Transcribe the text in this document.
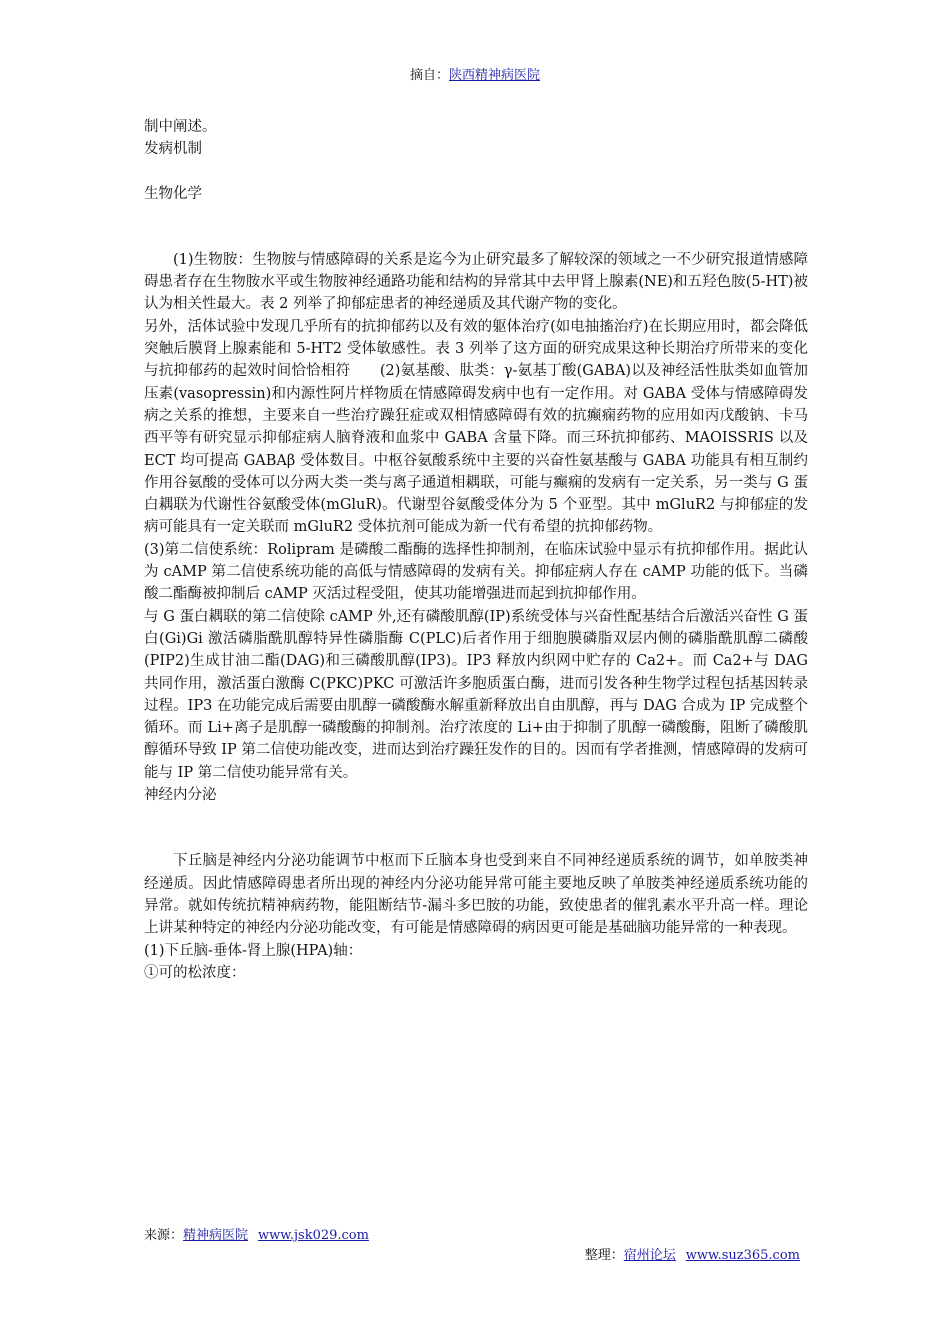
摘自：陕西精神病医院

制中阐述。

发病机制

生物化学

(1)生物胺：生物胺与情感障碍的关系是迄今为止研究最多了解较深的领域之一不少研究报道情感障碍患者存在生物胺水平或生物胺神经通路功能和结构的异常其中去甲肾上腺素(NE)和五羟色胺(5-HT)被认为相关性最大。表 2 列举了抑郁症患者的神经递质及其代谢产物的变化。

另外，活体试验中发现几乎所有的抗抑郁药以及有效的躯体治疗(如电抽搐治疗)在长期应用时，都会降低突触后膜肾上腺素能和 5-HT2 受体敏感性。表 3 列举了这方面的研究成果这种长期治疗所带来的变化与抗抑郁药的起效时间恰恰相符　　(2)氨基酸、肽类：γ-氨基丁酸(GABA)以及神经活性肽类如血管加压素(vasopressin)和内源性阿片样物质在情感障碍发病中也有一定作用。对 GABA 受体与情感障碍发病之关系的推想，主要来自一些治疗躁狂症或双相情感障碍有效的抗癫痫药物的应用如丙戊酸钠、卡马西平等有研究显示抑郁症病人脑脊液和血浆中 GABA 含量下降。而三环抗抑郁药、MAOISSRIS 以及 ECT 均可提高 GABAβ 受体数目。中枢谷氨酸系统中主要的兴奋性氨基酸与 GABA 功能具有相互制约作用谷氨酸的受体可以分两大类一类与离子通道相耦联，可能与癫痫的发病有一定关系，另一类与 G 蛋白耦联为代谢性谷氨酸受体(mGluR)。代谢型谷氨酸受体分为 5 个亚型。其中 mGluR2 与抑郁症的发病可能具有一定关联而 mGluR2 受体抗剂可能成为新一代有希望的抗抑郁药物。

(3)第二信使系统：Rolipram 是磷酸二酯酶的选择性抑制剂，在临床试验中显示有抗抑郁作用。据此认为 cAMP 第二信使系统功能的高低与情感障碍的发病有关。抑郁症病人存在 cAMP 功能的低下。当磷酸二酯酶被抑制后 cAMP 灭活过程受阻，使其功能增强进而起到抗抑郁作用。

与 G 蛋白耦联的第二信使除 cAMP 外,还有磷酸肌醇(IP)系统受体与兴奋性配基结合后激活兴奋性 G 蛋白(Gi)Gi 激活磷脂酰肌醇特异性磷脂酶 C(PLC)后者作用于细胞膜磷脂双层内侧的磷脂酰肌醇二磷酸(PIP2)生成甘油二酯(DAG)和三磷酸肌醇(IP3)。IP3 释放内织网中贮存的 Ca2+。而 Ca2+与 DAG 共同作用，激活蛋白激酶 C(PKC)PKC 可激活许多胞质蛋白酶，进而引发各种生物学过程包括基因转录过程。IP3 在功能完成后需要由肌醇一磷酸酶水解重新释放出自由肌醇，再与 DAG 合成为 IP 完成整个循环。而 Li+离子是肌醇一磷酸酶的抑制剂。治疗浓度的 Li+由于抑制了肌醇一磷酸酶，阻断了磷酸肌醇循环导致 IP 第二信使功能改变，进而达到治疗躁狂发作的目的。因而有学者推测，情感障碍的发病可能与 IP 第二信使功能异常有关。

神经内分泌

下丘脑是神经内分泌功能调节中枢而下丘脑本身也受到来自不同神经递质系统的调节，如单胺类神经递质。因此情感障碍患者所出现的神经内分泌功能异常可能主要地反映了单胺类神经递质系统功能的异常。就如传统抗精神病药物，能阻断结节-漏斗多巴胺的功能，致使患者的催乳素水平升高一样。理论上讲某种特定的神经内分泌功能改变，有可能是情感障碍的病因更可能是基础脑功能异常的一种表现。

(1)下丘脑-垂体-肾上腺(HPA)轴：

①可的松浓度：

来源：精神病医院 www.jsk029.com
整理：宿州论坛 www.suz365.com
